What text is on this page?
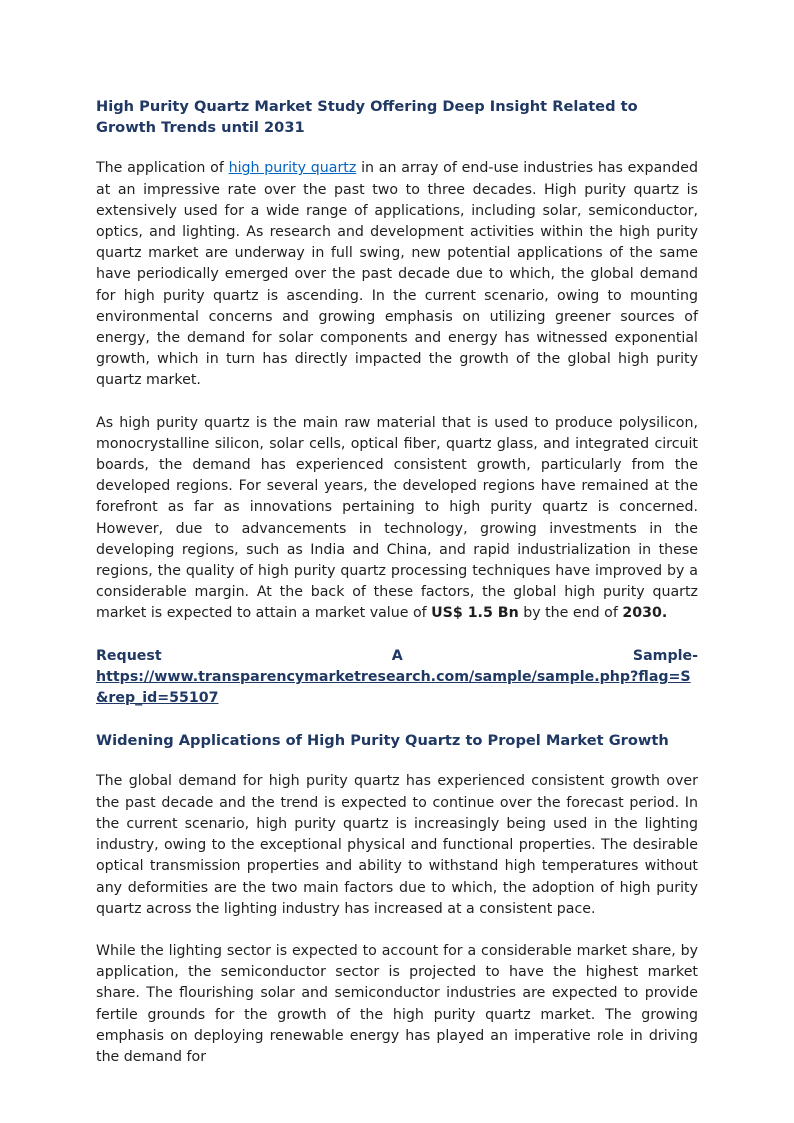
High Purity Quartz Market Study Offering Deep Insight Related to Growth Trends until 2031
The application of high purity quartz in an array of end-use industries has expanded at an impressive rate over the past two to three decades. High purity quartz is extensively used for a wide range of applications, including solar, semiconductor, optics, and lighting. As research and development activities within the high purity quartz market are underway in full swing, new potential applications of the same have periodically emerged over the past decade due to which, the global demand for high purity quartz is ascending. In the current scenario, owing to mounting environmental concerns and growing emphasis on utilizing greener sources of energy, the demand for solar components and energy has witnessed exponential growth, which in turn has directly impacted the growth of the global high purity quartz market.
As high purity quartz is the main raw material that is used to produce polysilicon, monocrystalline silicon, solar cells, optical fiber, quartz glass, and integrated circuit boards, the demand has experienced consistent growth, particularly from the developed regions. For several years, the developed regions have remained at the forefront as far as innovations pertaining to high purity quartz is concerned. However, due to advancements in technology, growing investments in the developing regions, such as India and China, and rapid industrialization in these regions, the quality of high purity quartz processing techniques have improved by a considerable margin. At the back of these factors, the global high purity quartz market is expected to attain a market value of US$ 1.5 Bn by the end of 2030.
Request	A	Sample-
https://www.transparencymarketresearch.com/sample/sample.php?flag=S&rep_id=55107
Widening Applications of High Purity Quartz to Propel Market Growth
The global demand for high purity quartz has experienced consistent growth over the past decade and the trend is expected to continue over the forecast period. In the current scenario, high purity quartz is increasingly being used in the lighting industry, owing to the exceptional physical and functional properties. The desirable optical transmission properties and ability to withstand high temperatures without any deformities are the two main factors due to which, the adoption of high purity quartz across the lighting industry has increased at a consistent pace.
While the lighting sector is expected to account for a considerable market share, by application, the semiconductor sector is projected to have the highest market share. The flourishing solar and semiconductor industries are expected to provide fertile grounds for the growth of the high purity quartz market. The growing emphasis on deploying renewable energy has played an imperative role in driving the demand for
